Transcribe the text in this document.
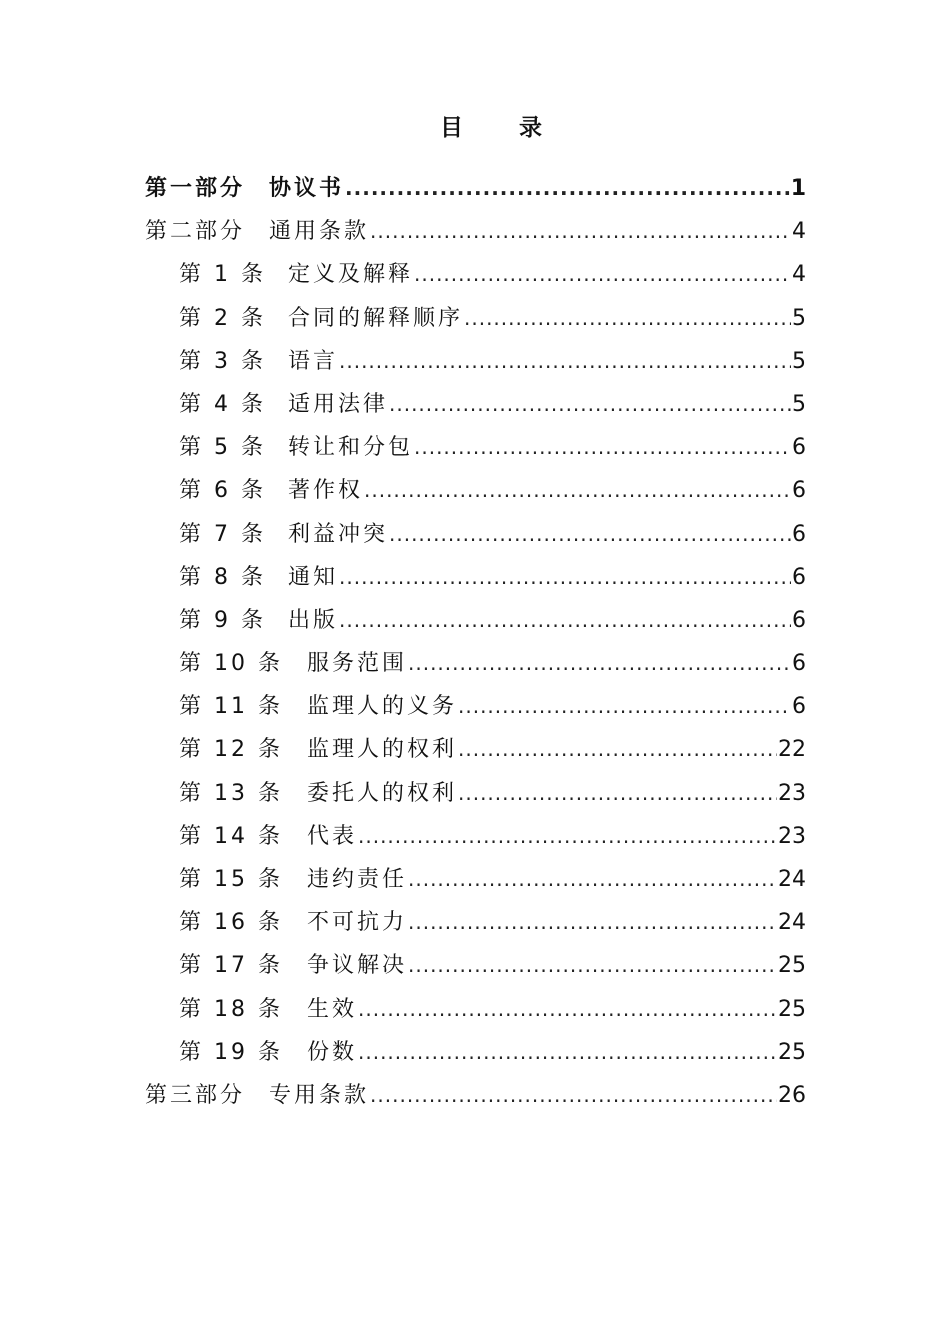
目 录
第一部分	协议书 .....	1
第二部分	通用条款 .....	4
第 1 条	定义及解释 .....	4
第 2 条	合同的解释顺序 .....	5
第 3 条	语言 .....	5
第 4 条	适用法律 .....	5
第 5 条	转让和分包 .....	6
第 6 条	著作权 .....	6
第 7 条	利益冲突 .....	6
第 8 条	通知 .....	6
第 9 条	出版 .....	6
第 10 条	服务范围 .....	6
第 11 条	监理人的义务 .....	6
第 12 条	监理人的权利 .....	22
第 13 条	委托人的权利 .....	23
第 14 条	代表 .....	23
第 15 条	违约责任 .....	24
第 16 条	不可抗力 .....	24
第 17 条	争议解决 .....	25
第 18 条	生效 .....	25
第 19 条	份数 .....	25
第三部分	专用条款 .....	26
